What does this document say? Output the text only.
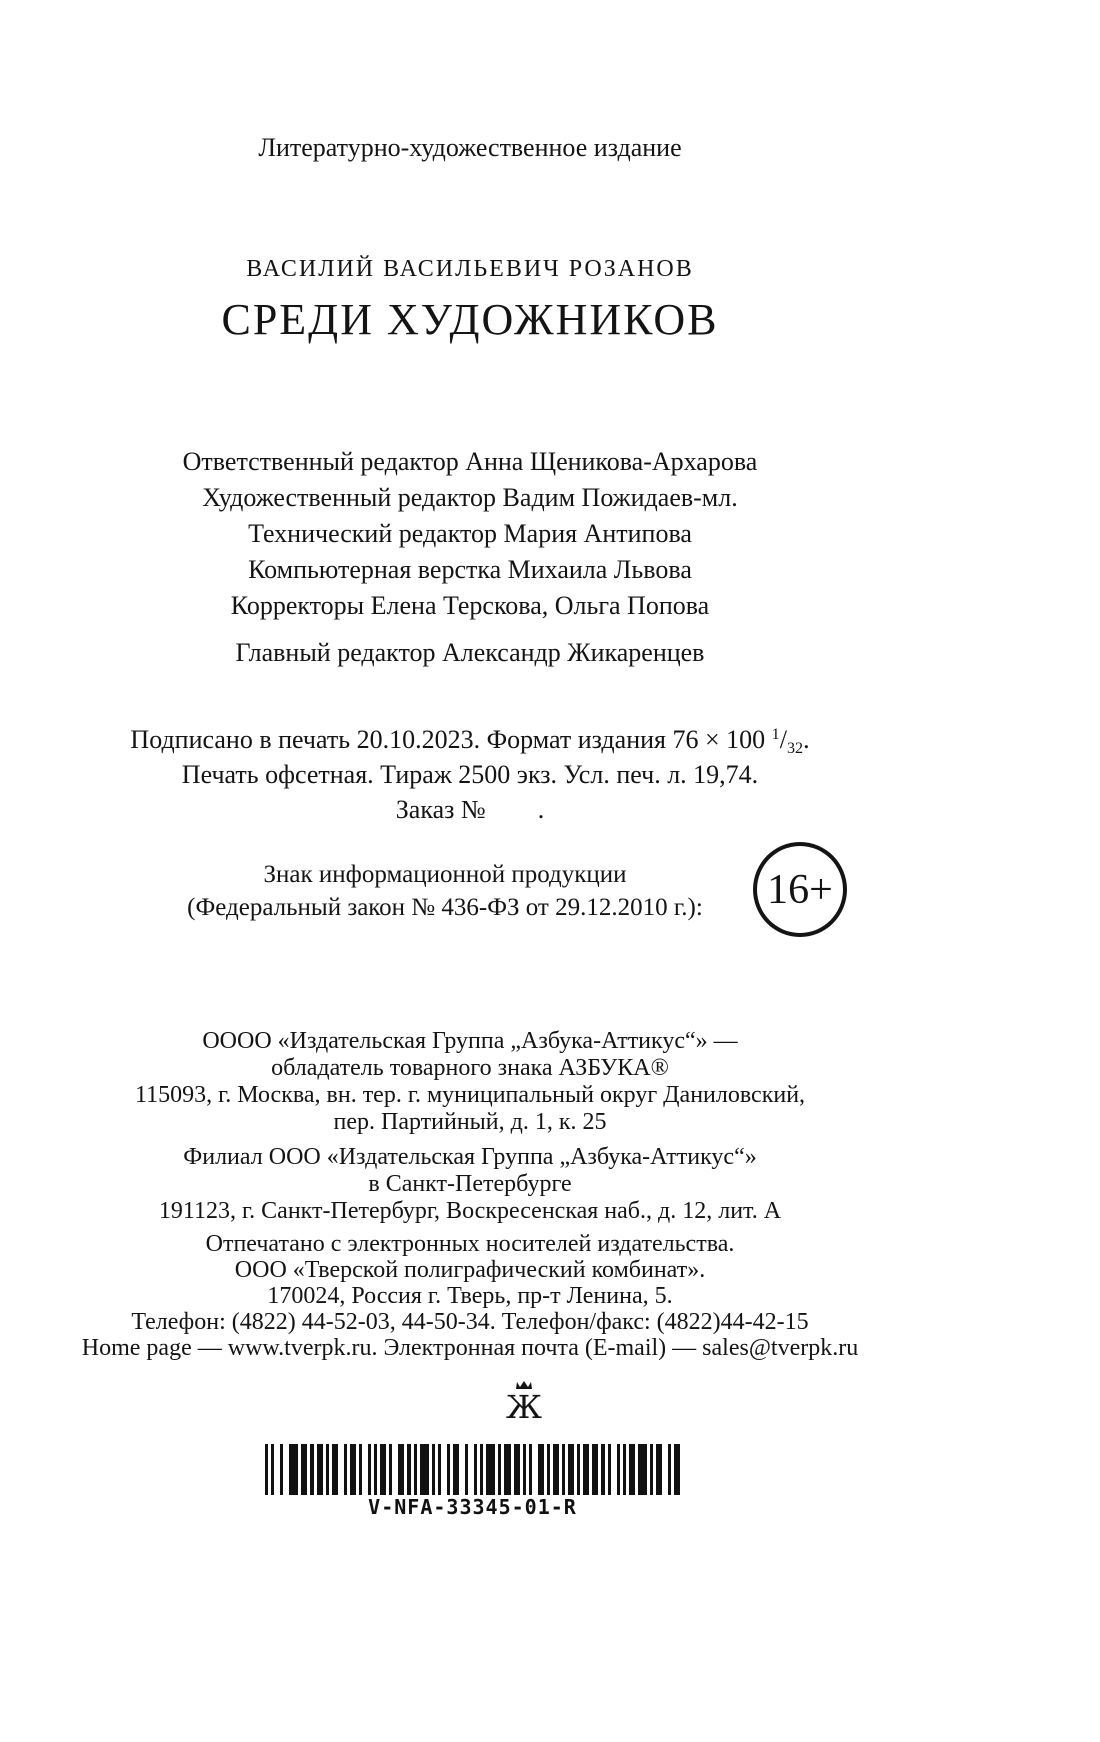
Литературно-художественное издание
ВАСИЛИЙ ВАСИЛЬЕВИЧ РОЗАНОВ
СРЕДИ ХУДОЖНИКОВ
Ответственный редактор Анна Щеникова-Архарова
Художественный редактор Вадим Пожидаев-мл.
Технический редактор Мария Антипова
Компьютерная верстка Михаила Львова
Корректоры Елена Терскова, Ольга Попова
Главный редактор Александр Жикаренцев
Подписано в печать 20.10.2023. Формат издания 76 × 100 $^1/_{32}$.
Печать офсетная. Тираж 2500 экз. Усл. печ. л. 19,74.
Заказ №        .
Знак информационной продукции
(Федеральный закон № 436-ФЗ от 29.12.2010 г.):	16+
ОООО «Издательская Группа „Азбука-Аттикус“» —
обладатель товарного знака АЗБУКА®
115093, г. Москва, вн. тер. г. муниципальный округ Даниловский,
пер. Партийный, д. 1, к. 25
Филиал ООО «Издательская Группа „Азбука-Аттикус“»
в Санкт-Петербурге
191123, г. Санкт-Петербург, Воскресенская наб., д. 12, лит. А
Отпечатано с электронных носителей издательства.
ООО «Тверской полиграфический комбинат».
170024, Россия г. Тверь, пр-т Ленина, 5.
Телефон: (4822) 44-52-03, 44-50-34. Телефон/факс: (4822)44-42-15
Home page — www.tverpk.ru. Электронная почта (E-mail) — sales@tverpk.ru
Ж
V-NFA-33345-01-R
